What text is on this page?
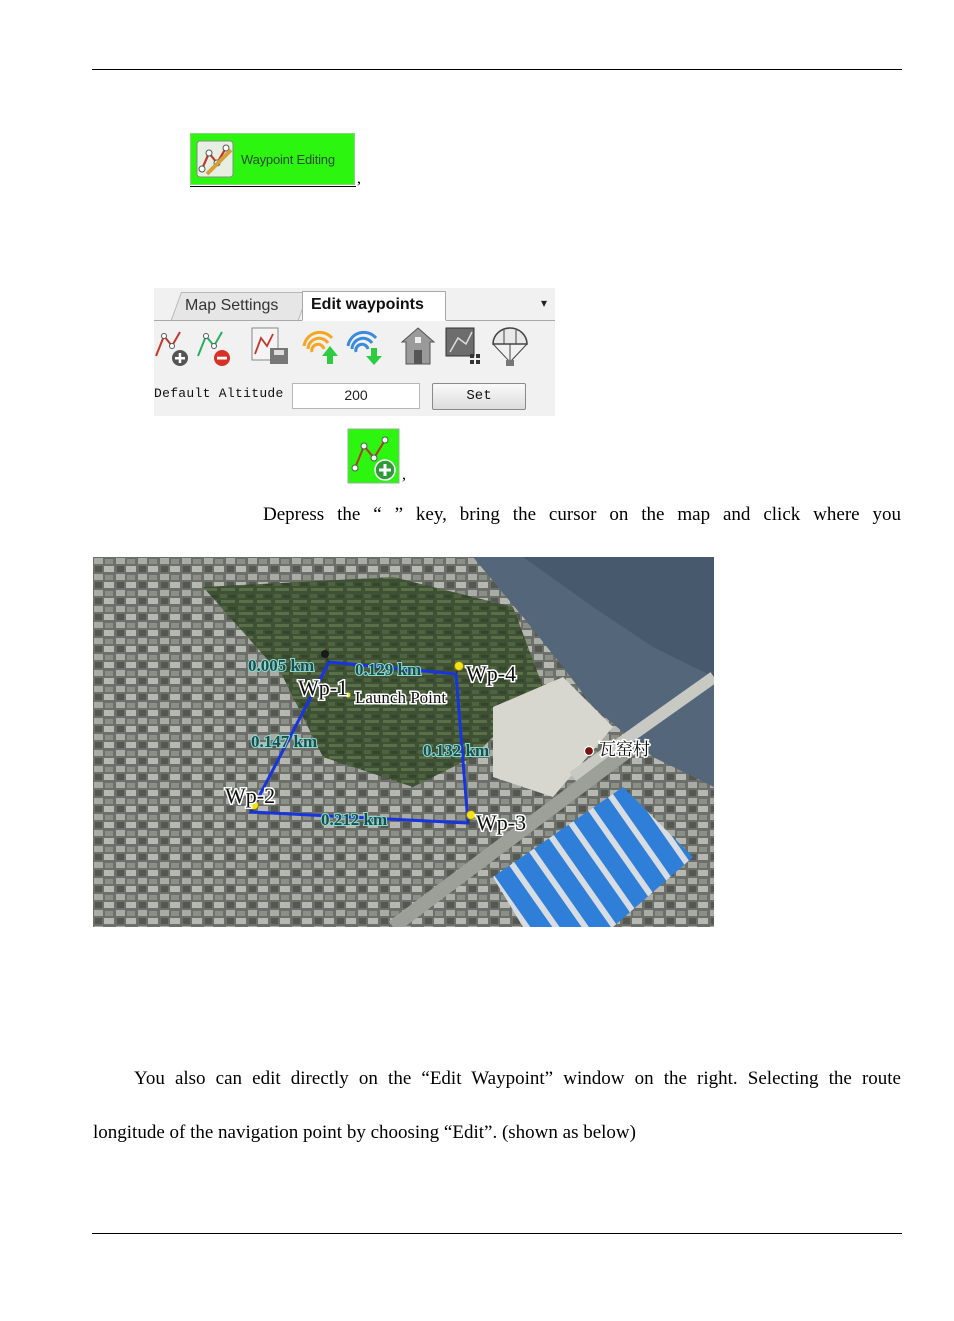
Waypoint Editing
,
Map Settings	Edit waypoints	▾
Default Altitude	200	Set
,
Depress the “ ” key, bring the cursor on the map and click where you
Wp-1
Wp-4
Wp-2
Wp-3
Launch Point
瓦窑村
0.005 km 0.129 km
0.147 km	0.132 km
0.212 km
You also can edit directly on the “Edit Waypoint” window on the right. Selecting the route
longitude of the navigation point by choosing “Edit”. (shown as below)
